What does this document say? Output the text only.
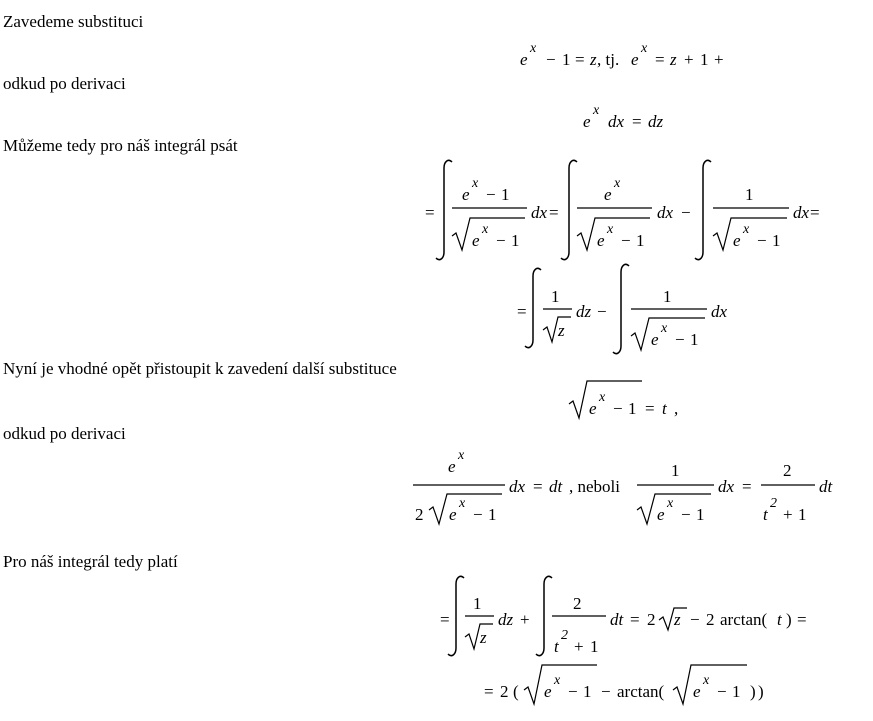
Zavedeme substituci
odkud po derivaci
Můžeme tedy pro náš integrál psát
Nyní je vhodné opět přistoupit k zavedení další substituce
odkud po derivaci
Pro náš integrál tedy platí
e
x
− 1 = z , tj. e
x
= z + 1 +
e
x
dx = dz
=
e
x
− 1
e
x
− 1
dx =
e
x
e
x
− 1
dx −
1
e
x
− 1
dx =
=
1
z
dz −
1
e
x
− 1
dx
e
x
− 1 = t ,
e
x
2 e
x
− 1
dx = dt , neboli
1
e
x
− 1
dx =
2
t
2
+ 1
dt
=
1
z
dz +
2
t
2
+ 1
dt = 2 z − 2 arctan( t ) =
= 2 ( e
x
− 1 − arctan( e
x
− 1 ) )
